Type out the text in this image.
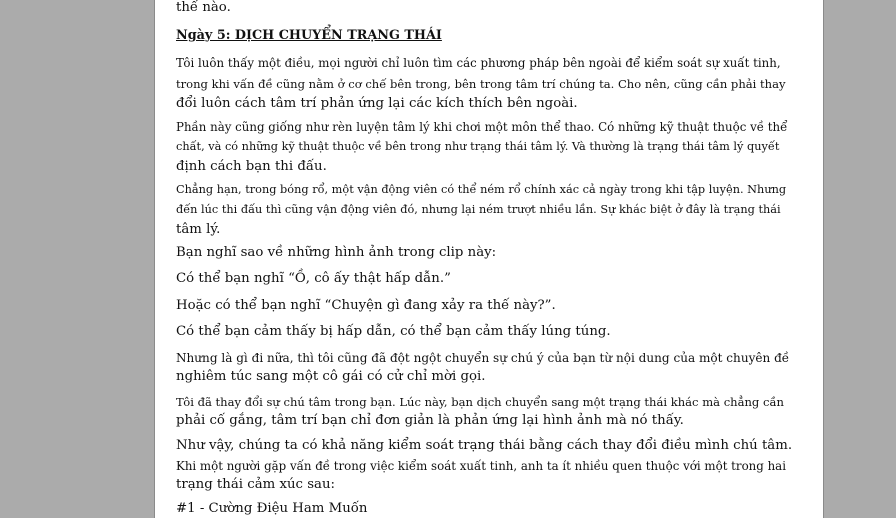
thế nào.

Ngày 5: DỊCH CHUYỂN TRẠNG THÁI

Tôi luôn thấy một điều, mọi người chỉ luôn tìm các phương pháp bên ngoài để kiểm soát sự xuất tinh,

trong khi vấn đề cũng nằm ở cơ chế bên trong, bên trong tâm trí chúng ta. Cho nên, cũng cần phải thay

đổi luôn cách tâm trí phản ứng lại các kích thích bên ngoài.

Phần này cũng giống như rèn luyện tâm lý khi chơi một môn thể thao. Có những kỹ thuật thuộc về thể

chất, và có những kỹ thuật thuộc về bên trong như trạng thái tâm lý. Và thường là trạng thái tâm lý quyết

định cách bạn thi đấu.

Chẳng hạn, trong bóng rổ, một vận động viên có thể ném rổ chính xác cả ngày trong khi tập luyện. Nhưng

đến lúc thi đấu thì cũng vận động viên đó, nhưng lại ném trượt nhiều lần. Sự khác biệt ở đây là trạng thái

tâm lý.

Bạn nghĩ sao về những hình ảnh trong clip này:

Có thể bạn nghĩ “Ồ, cô ấy thật hấp dẫn.”

Hoặc có thể bạn nghĩ “Chuyện gì đang xảy ra thế này?”.

Có thể bạn cảm thấy bị hấp dẫn, có thể bạn cảm thấy lúng túng.

Nhưng là gì đi nữa, thì tôi cũng đã đột ngột chuyển sự chú ý của bạn từ nội dung của một chuyên đề

nghiêm túc sang một cô gái có cử chỉ mời gọi.

Tôi đã thay đổi sự chú tâm trong bạn. Lúc này, bạn dịch chuyển sang một trạng thái khác mà chẳng cần

phải cố gắng, tâm trí bạn chỉ đơn giản là phản ứng lại hình ảnh mà nó thấy.

Như vậy, chúng ta có khả năng kiểm soát trạng thái bằng cách thay đổi điều mình chú tâm.

Khi một người gặp vấn đề trong việc kiểm soát xuất tinh, anh ta ít nhiều quen thuộc với một trong hai

trạng thái cảm xúc sau:

#1 - Cường Điệu Ham Muốn
